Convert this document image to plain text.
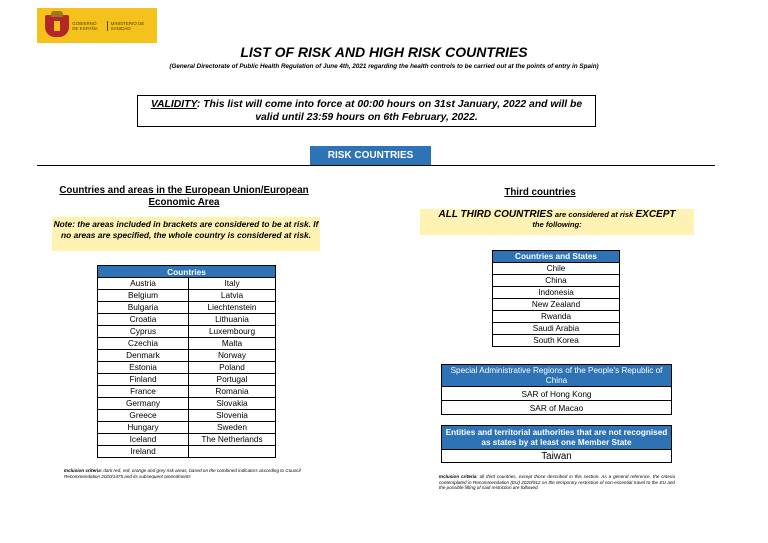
GOBIERNO DE ESPAÑA
MINISTERIO DE SANIDAD
LIST OF RISK AND HIGH RISK COUNTRIES
(General Directorate of Public Health Regulation of June 4th, 2021 regarding the health controls to be carried out at the points of entry in Spain)
VALIDITY: This list will come into force at 00:00 hours on 31st January, 2022 and will be valid until 23:59 hours on 6th February, 2022.
RISK COUNTRIES
Countries and areas in the European Union/European Economic Area
Note: the areas included in brackets are considered to be at risk. If no areas are specified, the whole country is considered at risk.
Countries	
Austria	Italy
Belgium	Latvia
Bulgaria	Liechtenstein
Croatia	Lithuania
Cyprus	Luxembourg
Czechia	Malta
Denmark	Norway
Estonia	Poland
Finland	Portugal
France	Romania
Germany	Slovakia
Greece	Slovenia
Hungary	Sweden
Iceland	The Netherlands
Ireland	
Inclusion criteria: dark red, red, orange and grey risk areas, based on the combined indicators according to Council Recommendation 2020/1475 and its subsequent amendments
Third countries
ALL THIRD COUNTRIES are considered at risk EXCEPT
the following:
Countries and States
Chile
China
Indonesia
New Zealand
Rwanda
Saudi Arabia
South Korea
Special Administrative Regions of the People's Republic of China
SAR of Hong Kong
SAR of Macao
Entities and territorial authorities that are not recognised as states by at least one Member State
Taiwan
Inclusion criteria: all third countries, except those described in this section. As a general reference, the criteria contemplated in Recommendation (EU) 2020/912 on the temporary restriction of non-essential travel to the EU and the possible lifting of said restriction are followed.
